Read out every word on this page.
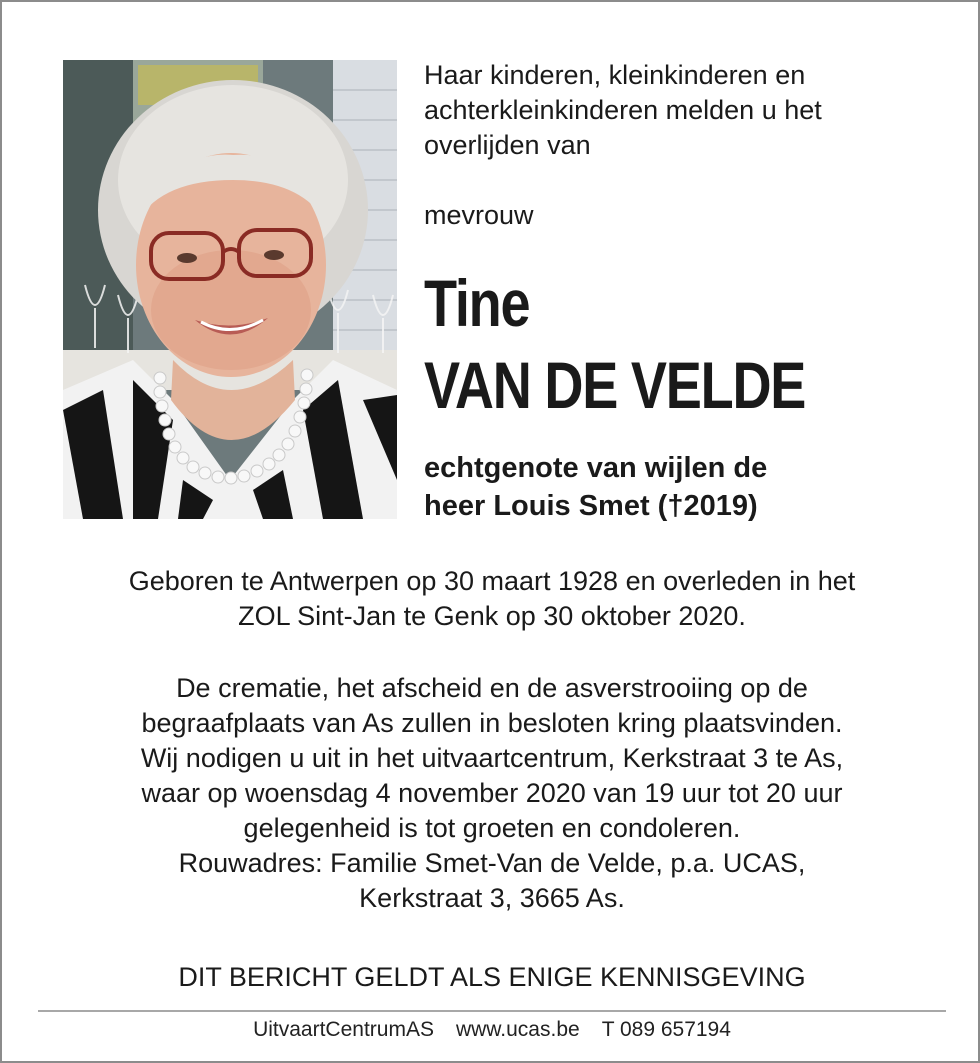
Haar kinderen, kleinkinderen en
achterkleinkinderen melden u het
overlijden van
mevrouw
Tine
VAN DE VELDE
echtgenote van wijlen de
heer Louis Smet (†2019)
Geboren te Antwerpen op 30 maart 1928 en overleden in het
ZOL Sint-Jan te Genk op 30 oktober 2020.
De crematie, het afscheid en de asverstrooiing op de
begraafplaats van As zullen in besloten kring plaatsvinden.
Wij nodigen u uit in het uitvaartcentrum, Kerkstraat 3 te As,
waar op woensdag 4 november 2020 van 19 uur tot 20 uur
gelegenheid is tot groeten en condoleren.
Rouwadres: Familie Smet-Van de Velde, p.a. UCAS,
Kerkstraat 3, 3665 As.
DIT BERICHT GELDT ALS ENIGE KENNISGEVING
UitvaartCentrumAS www.ucas.be T 089 657194
